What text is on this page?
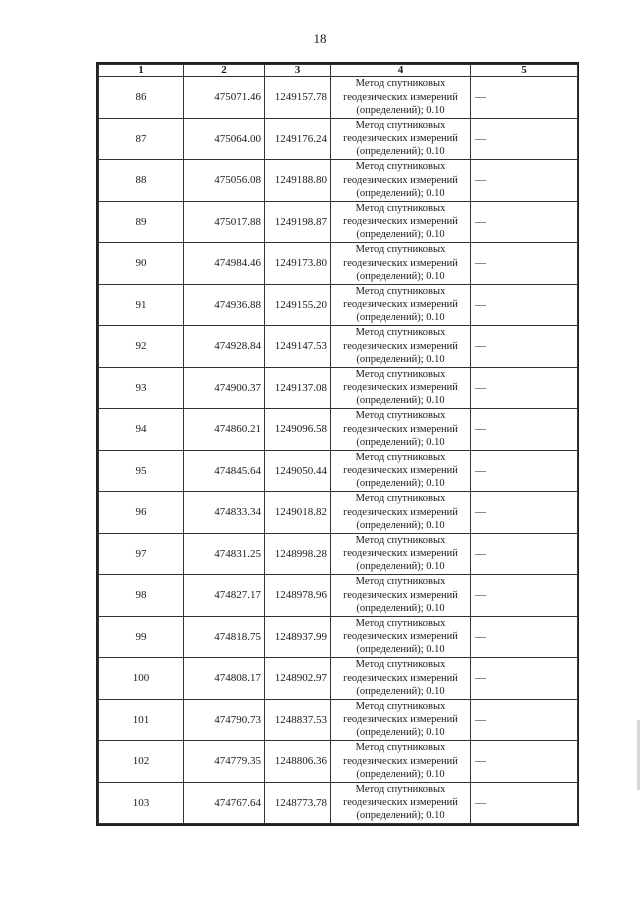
18
1	2	3	4	5
86	475071.46	1249157.78	Метод спутниковых
геодезических измерений
(определений); 0.10	—
87	475064.00	1249176.24	Метод спутниковых
геодезических измерений
(определений); 0.10	—
88	475056.08	1249188.80	Метод спутниковых
геодезических измерений
(определений); 0.10	—
89	475017.88	1249198.87	Метод спутниковых
геодезических измерений
(определений); 0.10	—
90	474984.46	1249173.80	Метод спутниковых
геодезических измерений
(определений); 0.10	—
91	474936.88	1249155.20	Метод спутниковых
геодезических измерений
(определений); 0.10	—
92	474928.84	1249147.53	Метод спутниковых
геодезических измерений
(определений); 0.10	—
93	474900.37	1249137.08	Метод спутниковых
геодезических измерений
(определений); 0.10	—
94	474860.21	1249096.58	Метод спутниковых
геодезических измерений
(определений); 0.10	—
95	474845.64	1249050.44	Метод спутниковых
геодезических измерений
(определений); 0.10	—
96	474833.34	1249018.82	Метод спутниковых
геодезических измерений
(определений); 0.10	—
97	474831.25	1248998.28	Метод спутниковых
геодезических измерений
(определений); 0.10	—
98	474827.17	1248978.96	Метод спутниковых
геодезических измерений
(определений); 0.10	—
99	474818.75	1248937.99	Метод спутниковых
геодезических измерений
(определений); 0.10	—
100	474808.17	1248902.97	Метод спутниковых
геодезических измерений
(определений); 0.10	—
101	474790.73	1248837.53	Метод спутниковых
геодезических измерений
(определений); 0.10	—
102	474779.35	1248806.36	Метод спутниковых
геодезических измерений
(определений); 0.10	—
103	474767.64	1248773.78	Метод спутниковых
геодезических измерений
(определений); 0.10	—
